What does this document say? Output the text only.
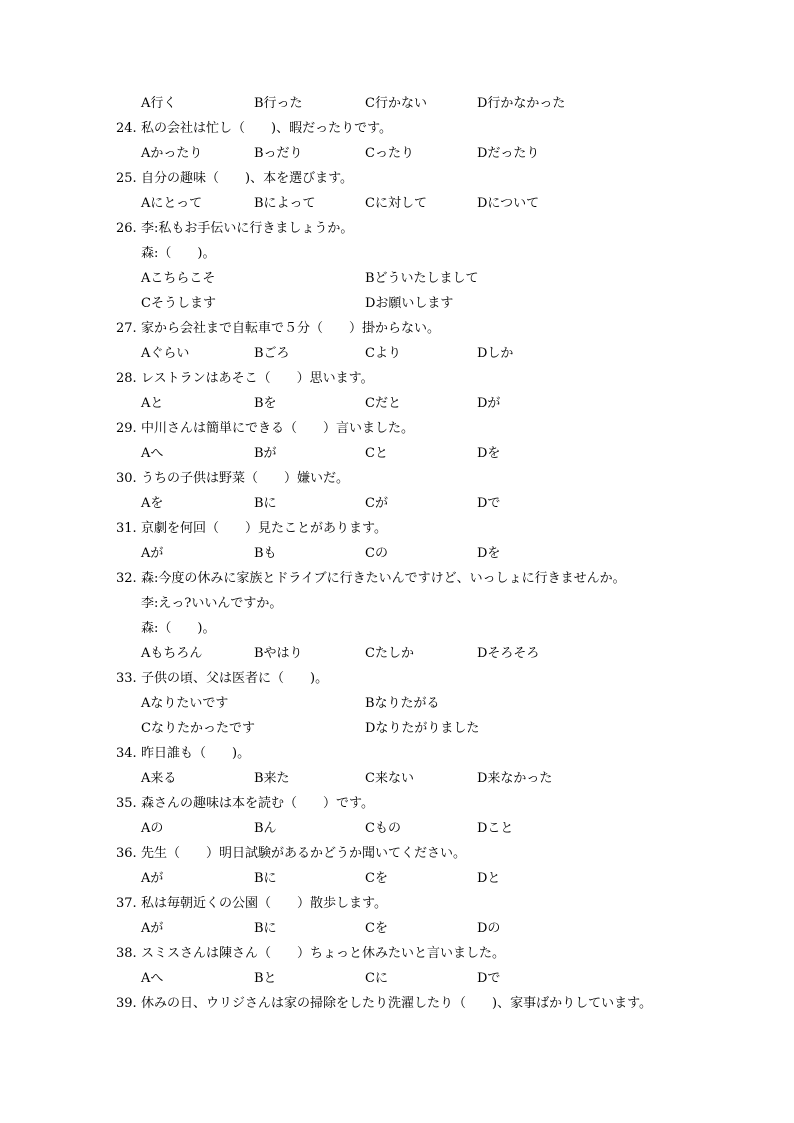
A行く	B行った	C行かない	D行かなかった
24. 私の会社は忙し（　　)、暇だったりです。
Aかったり	Bっだり	Cったり	Dだったり
25. 自分の趣味（　　)、本を選びます。
Aにとって	Bによって	Cに対して	Dについて
26. 李:私もお手伝いに行きましょうか。
森:（　　)。
Aこちらこそ	Bどういたしまして
Cそうします	Dお願いします
27. 家から会社まで自転車で５分（　　）掛からない。
Aぐらい	Bごろ	Cより	Dしか
28. レストランはあそこ（　　）思います。
Aと	Bを	Cだと	Dが
29. 中川さんは簡単にできる（　　）言いました。
Aへ	Bが	Cと	Dを
30. うちの子供は野菜（　　）嫌いだ。
Aを	Bに	Cが	Dで
31. 京劇を何回（　　）見たことがあります。
Aが	Bも	Cの	Dを
32. 森:今度の休みに家族とドライブに行きたいんですけど、いっしょに行きませんか。
李:えっ?いいんですか。
森:（　　)。
Aもちろん	Bやはり	Cたしか	Dそろそろ
33. 子供の頃、父は医者に（　　)。
Aなりたいです	Bなりたがる
Cなりたかったです	Dなりたがりました
34. 昨日誰も（　　)。
A来る	B来た	C来ない	D来なかった
35. 森さんの趣味は本を読む（　　）です。
Aの	Bん	Cもの	Dこと
36. 先生（　　）明日試験があるかどうか聞いてください。
Aが	Bに	Cを	Dと
37. 私は毎朝近くの公園（　　）散歩します。
Aが	Bに	Cを	Dの
38. スミスさんは陳さん（　　）ちょっと休みたいと言いました。
Aへ	Bと	Cに	Dで
39. 休みの日、ウリジさんは家の掃除をしたり洗濯したり（　　)、家事ばかりしています。
